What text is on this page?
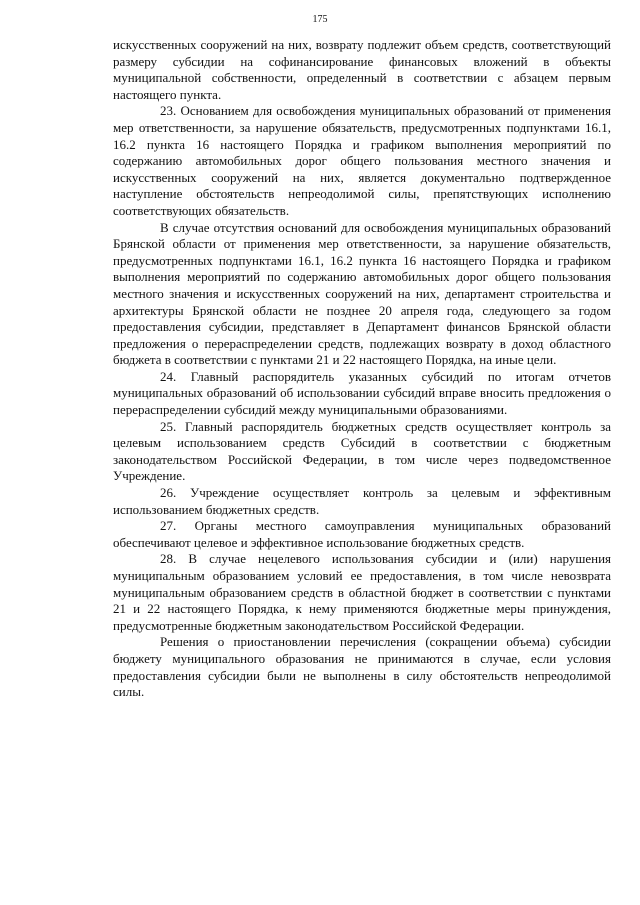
175

искусственных сооружений на них, возврату подлежит объем средств, соответствующий размеру субсидии на софинансирование финансовых вложений в объекты муниципальной собственности, определенный в соответствии с абзацем первым настоящего пункта.

23. Основанием для освобождения муниципальных образований от применения мер ответственности, за нарушение обязательств, предусмотренных подпунктами 16.1, 16.2 пункта 16 настоящего Порядка и графиком выполнения мероприятий по содержанию автомобильных дорог общего пользования местного значения и искусственных сооружений на них, является документально подтвержденное наступление обстоятельств непреодолимой силы, препятствующих исполнению соответствующих обязательств.

В случае отсутствия оснований для освобождения муниципальных образований Брянской области от применения мер ответственности, за нарушение обязательств, предусмотренных подпунктами 16.1, 16.2 пункта 16 настоящего Порядка и графиком выполнения мероприятий по содержанию автомобильных дорог общего пользования местного значения и искусственных сооружений на них, департамент строительства и архитектуры Брянской области не позднее 20 апреля года, следующего за годом предоставления субсидии, представляет в Департамент финансов Брянской области предложения о перераспределении средств, подлежащих возврату в доход областного бюджета в соответствии с пунктами 21 и 22 настоящего Порядка, на иные цели.

24. Главный распорядитель указанных субсидий по итогам отчетов муниципальных образований об использовании субсидий вправе вносить предложения о перераспределении субсидий между муниципальными образованиями.

25. Главный распорядитель бюджетных средств осуществляет контроль за целевым использованием средств Субсидий в соответствии с бюджетным законодательством Российской Федерации, в том числе через подведомственное Учреждение.

26. Учреждение осуществляет контроль за целевым и эффективным использованием бюджетных средств.

27. Органы местного самоуправления муниципальных образований обеспечивают целевое и эффективное использование бюджетных средств.

28. В случае нецелевого использования субсидии и (или) нарушения муниципальным образованием условий ее предоставления, в том числе невозврата муниципальным образованием средств в областной бюджет в соответствии с пунктами 21 и 22 настоящего Порядка, к нему применяются бюджетные меры принуждения, предусмотренные бюджетным законодательством Российской Федерации.

Решения о приостановлении перечисления (сокращении объема) субсидии бюджету муниципального образования не принимаются в случае, если условия предоставления субсидии были не выполнены в силу обстоятельств непреодолимой силы.
